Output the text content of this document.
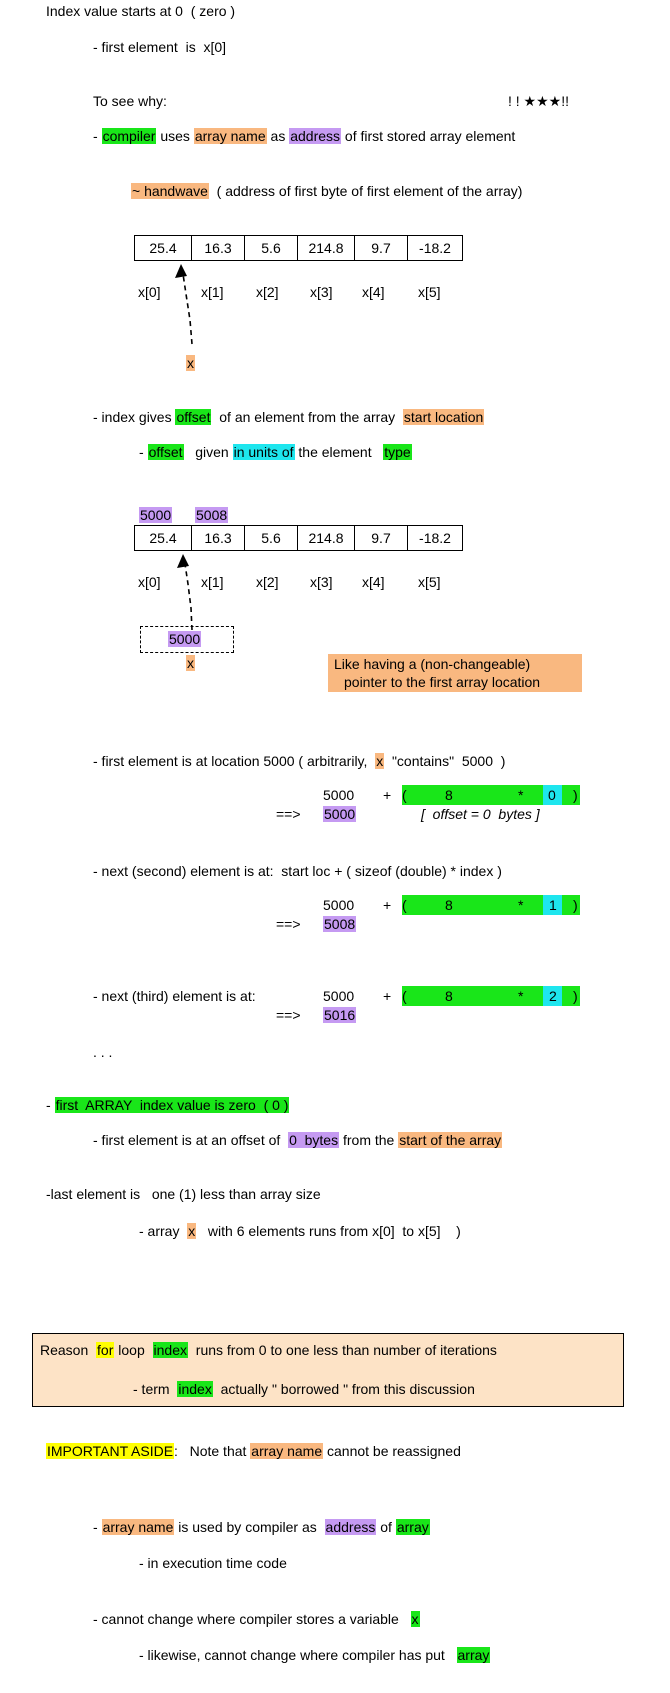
Index value starts at 0  ( zero )
- first element  is  x[0]
To see why:	! ! ★★★!!
- compiler uses array name as address of first stored array element
~ handwave  ( address of first byte of first element of the array)
25.4	16.3	5.6	214.8	9.7	-18.2
x[0]	x[1] x[2] x[3] x[4] x[5]
x
- index gives offset  of an element from the array  start location
- offset   given in units of the element   type
5000 5008
25.4	16.3	5.6	214.8	9.7	-18.2
x[0]	x[1] x[2] x[3] x[4] x[5]
5000
x	Like having a (non-changeable)
pointer to the first array location
- first element is at location 5000 ( arbitrarily,  x  "contains"  5000  )
5000 + (	8	* 0 )
==> 5000	[  offset = 0  bytes ]
- next (second) element is at:  start loc + ( sizeof (double) * index )
5000 + (	8	* 1 )
==> 5008
- next (third) element is at:	5000 + (	8	* 2 )
==> 5016
. . .
- first  ARRAY  index value is zero  ( 0 )
- first element is at an offset of  0  bytes from the start of the array
-last element is   one (1) less than array size
- array  x   with 6 elements runs from x[0]  to x[5]    )
Reason  for loop  index  runs from 0 to one less than number of iterations
- term  index  actually " borrowed " from this discussion
IMPORTANT ASIDE:   Note that array name cannot be reassigned
- array name is used by compiler as  address of array
- in execution time code
- cannot change where compiler stores a variable   x
- likewise, cannot change where compiler has put   array
